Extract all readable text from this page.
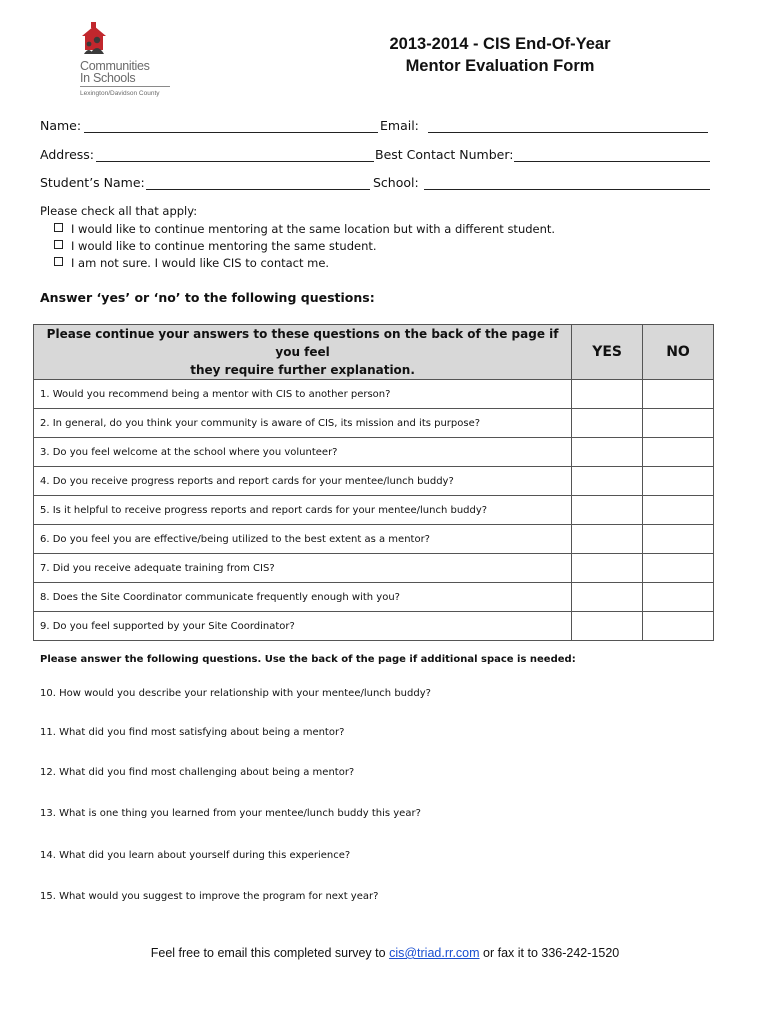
Communities
In Schools
Lexington/Davidson County
2013-2014 - CIS End-Of-Year
Mentor Evaluation Form
Name:	Email:
Address:	Best Contact Number:
Student’s Name:	School:
Please check all that apply:
I would like to continue mentoring at the same location but with a different student.
I would like to continue mentoring the same student.
I am not sure. I would like CIS to contact me.
Answer ‘yes’ or ‘no’ to the following questions:
Please continue your answers to these questions on the back of the page if you feel
they require further explanation.	YES	NO
1. Would you recommend being a mentor with CIS to another person?		
2. In general, do you think your community is aware of CIS, its mission and its purpose?		
3. Do you feel welcome at the school where you volunteer?		
4. Do you receive progress reports and report cards for your mentee/lunch buddy?		
5. Is it helpful to receive progress reports and report cards for your mentee/lunch buddy?		
6. Do you feel you are effective/being utilized to the best extent as a mentor?		
7. Did you receive adequate training from CIS?		
8. Does the Site Coordinator communicate frequently enough with you?		
9. Do you feel supported by your Site Coordinator?		
Please answer the following questions. Use the back of the page if additional space is needed:
10. How would you describe your relationship with your mentee/lunch buddy?
11. What did you find most satisfying about being a mentor?
12. What did you find most challenging about being a mentor?
13. What is one thing you learned from your mentee/lunch buddy this year?
14. What did you learn about yourself during this experience?
15. What would you suggest to improve the program for next year?
Feel free to email this completed survey to cis@triad.rr.com or fax it to 336-242-1520
